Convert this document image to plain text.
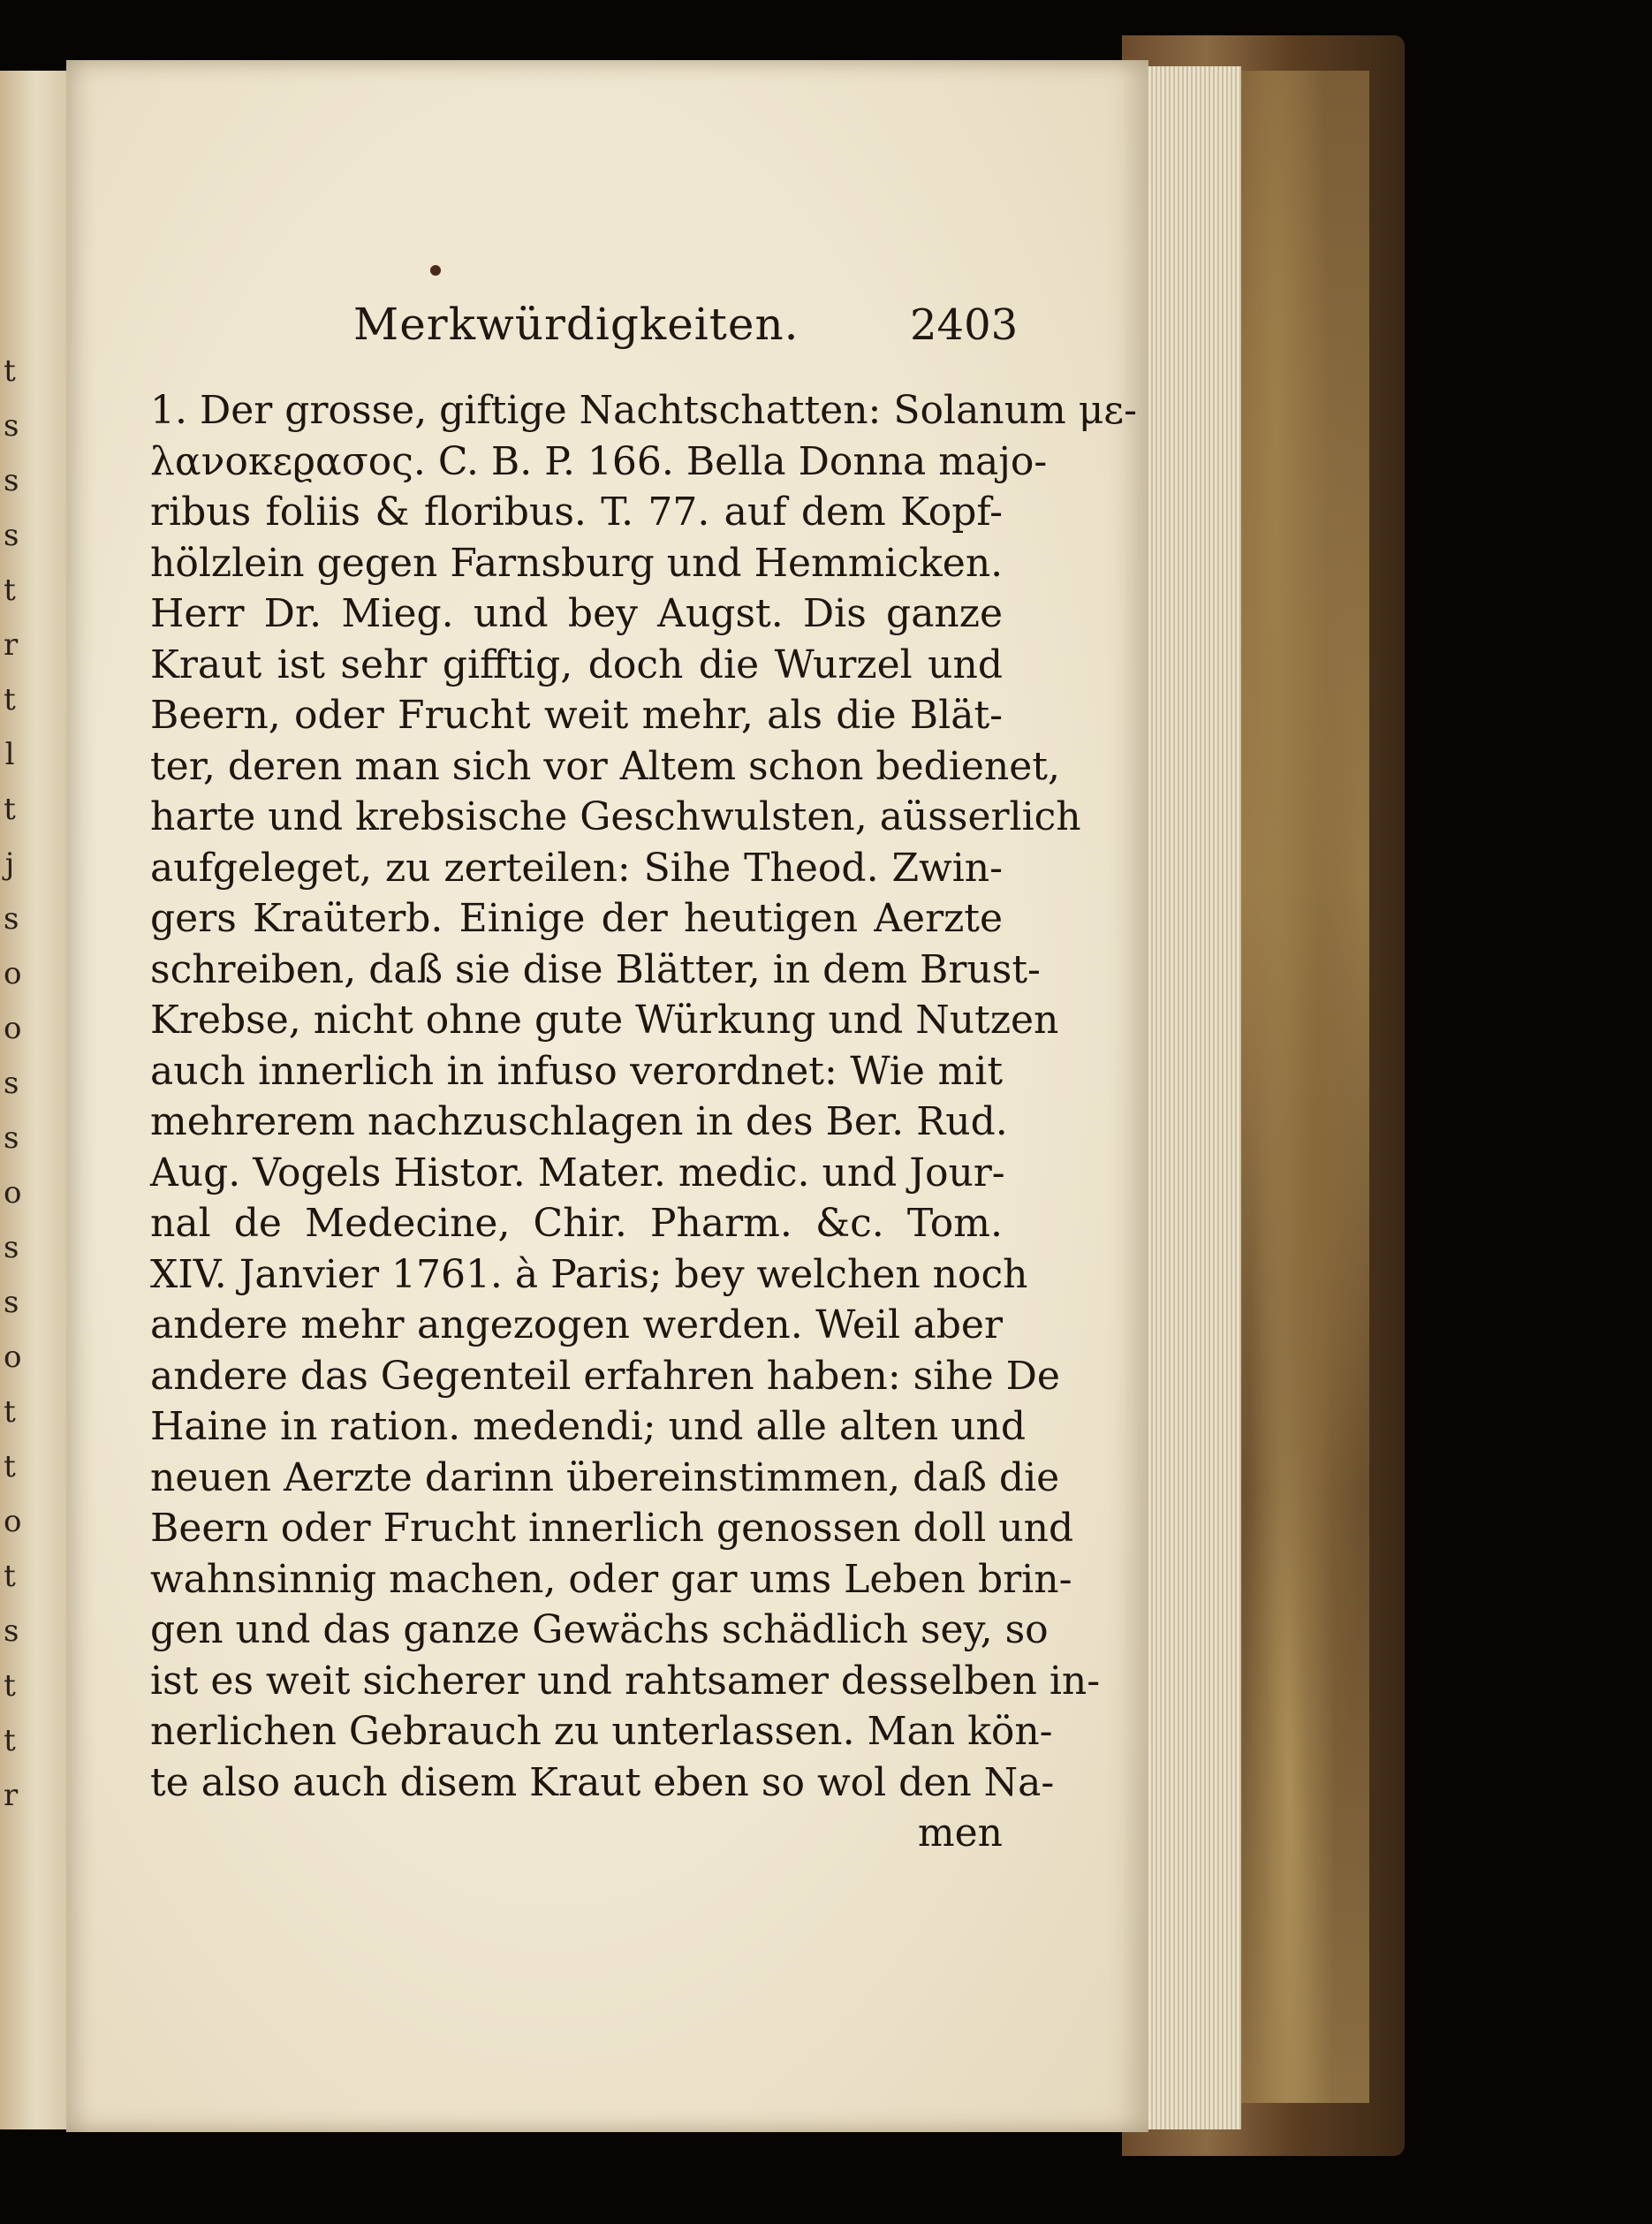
t
s
s
s
t
r
t
l
t
j
s
o
o
s
s
o
s
s
o
t
t
o
t
s
t
t
r
Merkwürdigkeiten.	2403
1. Der grosse, giftige Nachtschatten: Solanum με-
λανοκεϱασος. C. B. P. 166. Bella Donna majo-
ribus foliis & floribus. T. 77. auf dem Kopf-
hölzlein gegen Farnsburg und Hemmicken.
Herr Dr. Mieg. und bey Augst. Dis ganze
Kraut ist sehr gifftig, doch die Wurzel und
Beern, oder Frucht weit mehr, als die Blät-
ter, deren man sich vor Altem schon bedienet,
harte und krebsische Geschwulsten, aüsserlich
aufgeleget, zu zerteilen: Sihe Theod. Zwin-
gers Kraüterb. Einige der heutigen Aerzte
schreiben, daß sie dise Blätter, in dem Brust-
Krebse, nicht ohne gute Würkung und Nutzen
auch innerlich in infuso verordnet: Wie mit
mehrerem nachzuschlagen in des Ber. Rud.
Aug. Vogels Histor. Mater. medic. und Jour-
nal de Medecine, Chir. Pharm. &c. Tom.
XIV. Janvier 1761. à Paris; bey welchen noch
andere mehr angezogen werden. Weil aber
andere das Gegenteil erfahren haben: sihe De
Haine in ration. medendi; und alle alten und
neuen Aerzte darinn übereinstimmen, daß die
Beern oder Frucht innerlich genossen doll und
wahnsinnig machen, oder gar ums Leben brin-
gen und das ganze Gewächs schädlich sey, so
ist es weit sicherer und rahtsamer desselben in-
nerlichen Gebrauch zu unterlassen. Man kön-
te also auch disem Kraut eben so wol den Na-
men
